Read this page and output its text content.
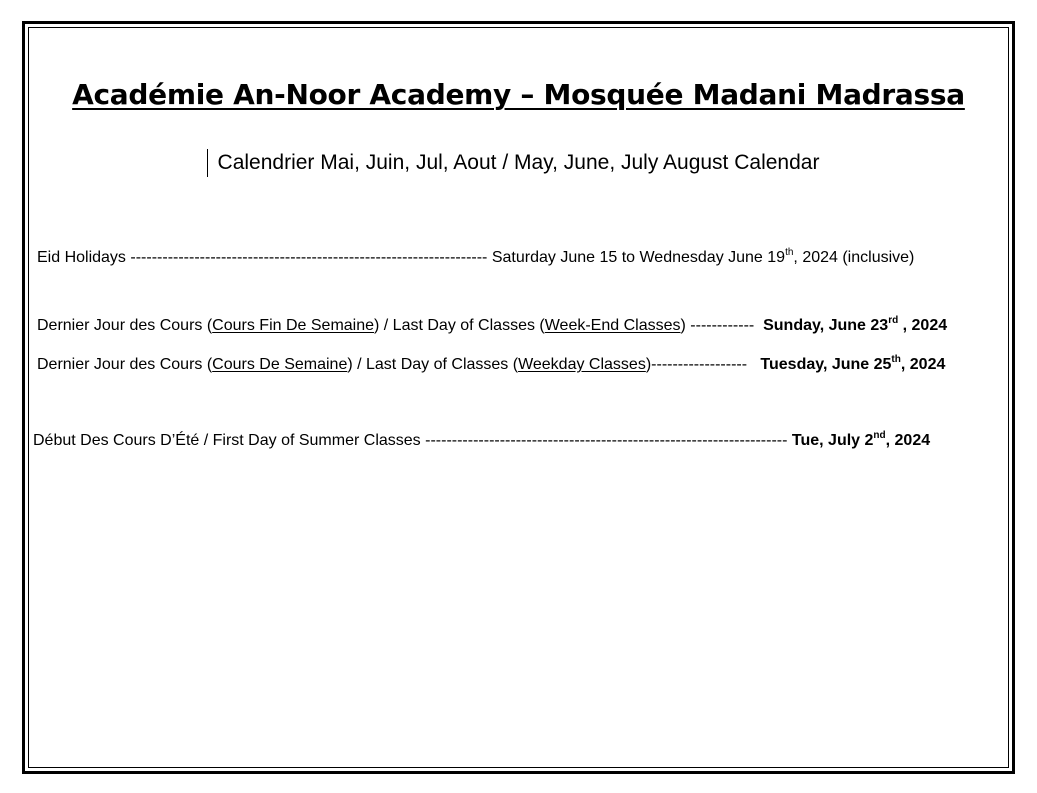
Académie An-Noor Academy – Mosquée Madani Madrassa
Calendrier Mai, Juin, Jul, Aout / May, June, July August Calendar
Eid Holidays ------------------------------------------------------------------- Saturday June 15 to Wednesday June 19th, 2024 (inclusive)
Dernier Jour des Cours (Cours Fin De Semaine) / Last Day of Classes (Week-End Classes) ------------ Sunday, June 23rd , 2024
Dernier Jour des Cours (Cours De Semaine) / Last Day of Classes (Weekday Classes)------------------ Tuesday, June 25th, 2024
Début Des Cours D’Été / First Day of Summer Classes -------------------------------------------------------------------- Tue, July 2nd, 2024
